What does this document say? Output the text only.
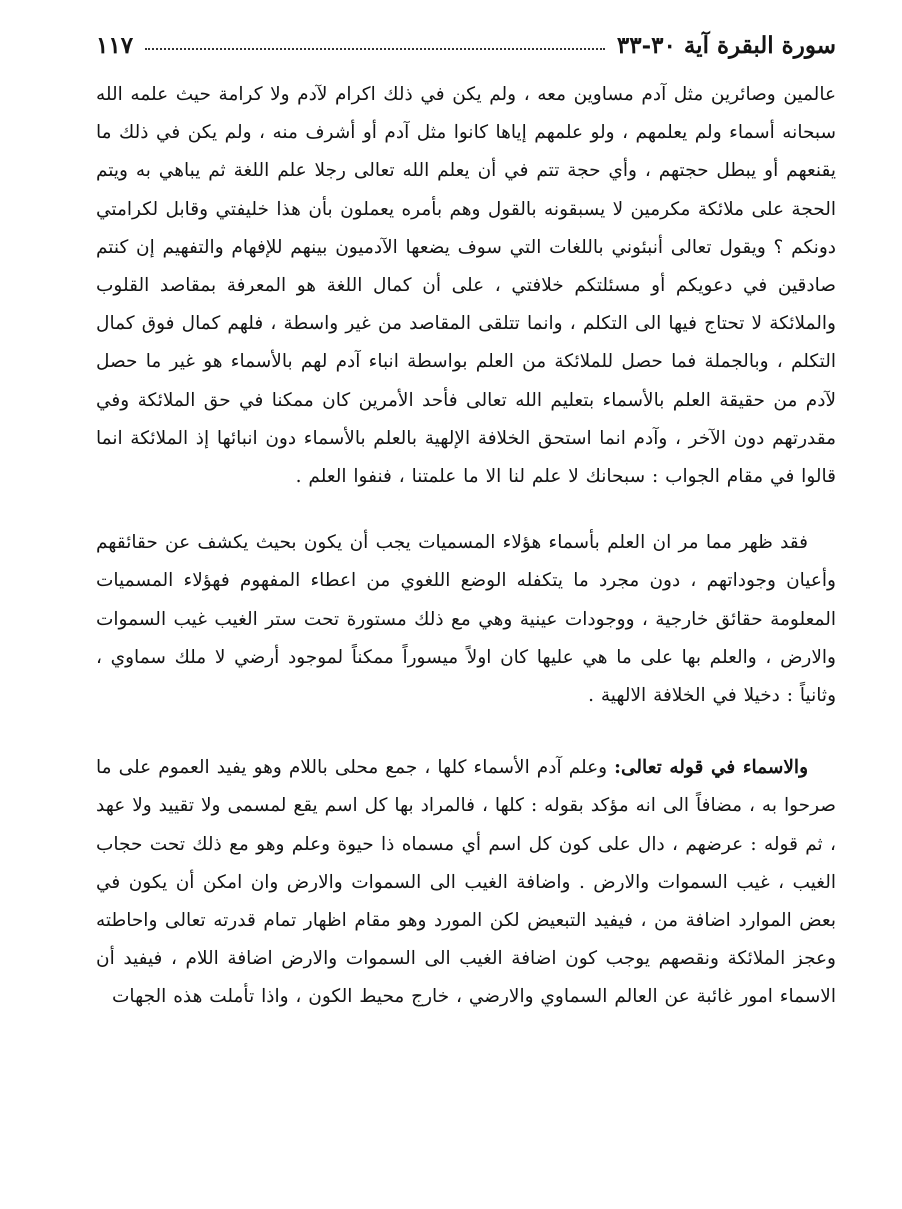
سورة البقرة آية ٣٠-٣٣
١١٧

عالمين وصائرين مثل آدم مساوين معه ، ولم يكن في ذلك اكرام لآدم ولا كرامة حيث علمه الله سبحانه أسماء ولم يعلمهم ، ولو علمهم إياها كانوا مثل آدم أو أشرف منه ، ولم يكن في ذلك ما يقنعهم أو يبطل حجتهم ، وأي حجة تتم في أن يعلم الله تعالى رجلا علم اللغة ثم يباهي به ويتم الحجة على ملائكة مكرمين لا يسبقونه بالقول وهم بأمره يعملون بأن هذا خليفتي وقابل لكرامتي دونكم ؟ ويقول تعالى أنبئوني باللغات التي سوف يضعها الآدميون بينهم للإفهام والتفهيم إن كنتم صادقين في دعويكم أو مسئلتكم خلافتي ، على أن كمال اللغة هو المعرفة بمقاصد القلوب والملائكة لا تحتاج فيها الى التكلم ، وانما تتلقى المقاصد من غير واسطة ، فلهم كمال فوق كمال التكلم ، وبالجملة فما حصل للملائكة من العلم بواسطة انباء آدم لهم بالأسماء هو غير ما حصل لآدم من حقيقة العلم بالأسماء بتعليم الله تعالى فأحد الأمرين كان ممكنا في حق الملائكة وفي مقدرتهم دون الآخر ، وآدم انما استحق الخلافة الإلهية بالعلم بالأسماء دون انبائها إذ الملائكة انما قالوا في مقام الجواب : سبحانك لا علم لنا الا ما علمتنا ، فنفوا العلم .

فقد ظهر مما مر ان العلم بأسماء هؤلاء المسميات يجب أن يكون بحيث يكشف عن حقائقهم وأعيان وجوداتهم ، دون مجرد ما يتكفله الوضع اللغوي من اعطاء المفهوم فهؤلاء المسميات المعلومة حقائق خارجية ، ووجودات عينية وهي مع ذلك مستورة تحت ستر الغيب غيب السموات والارض ، والعلم بها على ما هي عليها كان اولاً ميسوراً ممكناً لموجود أرضي لا ملك سماوي ، وثانياً : دخيلا في الخلافة الالهية .

والاسماء في قوله تعالى: وعلم آدم الأسماء كلها ، جمع محلى باللام وهو يفيد العموم على ما صرحوا به ، مضافاً الى انه مؤكد بقوله : كلها ، فالمراد بها كل اسم يقع لمسمى ولا تقييد ولا عهد ، ثم قوله : عرضهم ، دال على كون كل اسم أي مسماه ذا حيوة وعلم وهو مع ذلك تحت حجاب الغيب ، غيب السموات والارض . واضافة الغيب الى السموات والارض وان امكن أن يكون في بعض الموارد اضافة من ، فيفيد التبعيض لكن المورد وهو مقام اظهار تمام قدرته تعالى واحاطته وعجز الملائكة ونقصهم يوجب كون اضافة الغيب الى السموات والارض اضافة اللام ، فيفيد أن الاسماء امور غائبة عن العالم السماوي والارضي ، خارج محيط الكون ، واذا تأملت هذه الجهات
